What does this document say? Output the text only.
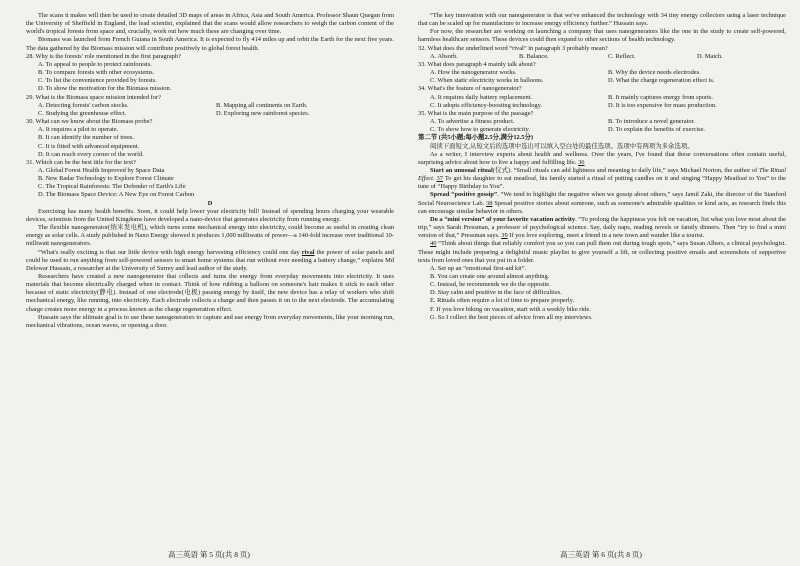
The scans it makes will then be used to create detailed 3D maps of areas in Africa, Asia and South America. Professor Shaun Quegan from the University of Sheffield in England, the lead scientist, explained that the scans would allow researchers to weigh the carbon content of the world's tropical forests from space and, crucially, work out how much these are changing over time.

Biomass was launched from French Guiana in South America. It is expected to fly 414 miles up and orbit the Earth for the next five years. The data gathered by the Biomass mission will contribute positively to global forest health.

28. Why is the forests' role mentioned in the first paragraph?

A. To appeal to people to protect rainforests.

B. To compare forests with other ecosystems.

C. To list the convenience provided by forests.

D. To show the motivation for the Biomass mission.

29. What is the Biomass space mission intended for?

A. Detecting forests' carbon stocks.	B. Mapping all continents on Earth.
C. Studying the greenhouse effect.	D. Exploring new rainforest species.

30. What can we know about the Biomass probe?

A. It requires a pilot to operate.

B. It can identify the number of trees.

C. It is fitted with advanced equipment.

D. It can reach every corner of the world.

31. Which can be the best title for the text?

A. Global Forest Health Improved by Space Data

B. New Radar Technology to Explore Forest Climate

C. The Tropical Rainforests: The Defender of Earth's Life

D. The Biomass Space Device: A New Eye on Forest Carbon

D

Exercising has many health benefits. Soon, it could help lower your electricity bill! Instead of spending hours charging your wearable devices, scientists from the United Kingdoms have developed a nano-device that generates electricity from running energy.

The flexible nanogenerator(纳米发电机), which turns some mechanical energy into electricity, could become as useful in creating clean energy as solar cells. A study published in Nano Energy showed it produces 1,000 milliwatts of power—a 140-fold increase over traditional 10-milliwatt nanogenerators.

“What's really exciting is that our little device with high energy harvesting efficiency could one day rival the power of solar panels and could be used to run anything from self-powered sensors to smart home systems that run without ever needing a battery change,” explains Md Delowar Hussain, a researcher at the University of Surrey and lead author of the study.

Researchers have created a new nanogenerator that collects and turns the energy from everyday movements into electricity. It uses materials that become electrically charged when in contact. Think of how rubbing a balloon on someone's hair makes it stick to each other because of static electricity(静电). Instead of one electrode(电极) passing energy by itself, the new device has a relay of workers who shift mechanical energy, like running, into electricity. Each electrode collects a charge and then passes it on to the next electrode. The accumulating charge creates more energy in a process known as the charge regeneration effect.

Hussain says the ultimate goal is to use these nanogenerators to capture and use energy from everyday movements, like your morning run, mechanical vibrations, ocean waves, or opening a door.

“The key innovation with our nanogenerator is that we've enhanced the technology with 34 tiny energy collectors using a laser technique that can be scaled up for manufacture to increase energy efficiency further.” Hussain says.

For now, the researcher are working on launching a company that uses nanogenerators like the one in the study to create self-powered, harmless healthcare sensors. These devices could then expand to other sections of health technology.

32. What does the underlined word “rival” in paragraph 3 probably mean?

A. Absorb.	B. Balance.	C. Reflect.	D. Match.

33. What does paragraph 4 mainly talk about?

A. How the nanogenerator works.	B. Why the device needs electrodes.
C. When static electricity works in balloons.	D. What the charge regeneration effect is.

34. What's the feature of nanogenerator?

A. It requires daily battery replacement.	B. It mainly captures energy from sports.
C. It adopts efficiency-boosting technology.	D. It is too expensive for mass production.

35. What is the main purpose of the passage?

A. To advertise a fitness product.	B. To introduce a novel generator.
C. To show how to generate electricity.	D. To explain the benefits of exercise.

第二节 (共5小题;每小题2.5分,满分12.5分)

阅读下面短文,从短文后的选项中选出可以填入空白处的最佳选项。选项中有两项为多余选项。

As a writer, I interview experts about health and wellness. Over the years, I've found that these conversations often contain useful, surprising advice about how to live a happy and fulfilling life. 36

Start an unusual ritual(仪式). “Small rituals can add lightness and meaning to daily life,” says Michael Norton, the author of The Ritual Effect. 37 To get his daughter to eat meatloaf, his family started a ritual of putting candles on it and singing “Happy Meatloaf to You” to the tune of “Happy Birthday to You”.

Spread “positive gossip”. “We tend to highlight the negative when we gossip about others,” says Jamil Zaki, the director of the Stanford Social Neuroscience Lab. 38 Spread positive stories about someone, such as someone's admirable qualities or kind acts, as research finds this can encourage similar behavior in others.

Do a “mini version” of your favorite vacation activity. “To prolong the happiness you felt on vacation, list what you love most about the trip,” says Sarah Pressman, a professor of psychological science. Say, daily naps, reading novels or family dinners. Then “try to find a mini version of that,” Pressman says. 39 If you love exploring, meet a friend in a new town and wander like a tourist.

40 “Think about things that reliably comfort you so you can pull them out during tough spots,” says Susan Albers, a clinical psychologist. These might include preparing a delightful music playlist to give yourself a lift, or collecting positive emails and screenshots of supportive texts from loved ones that you put in a folder.

A. Set up an “emotional first-aid kit”.

B. You can create one around almost anything.

C. Instead, he recommends we do the opposite.

D. Stay calm and positive in the face of difficulties.

E. Rituals often require a lot of time to prepare properly.

F. If you love biking on vacation, start with a weekly bike ride.

G. So I collect the best pieces of advice from all my interviews.

高三英语 第 5 页(共 8 页)	高三英语 第 6 页(共 8 页)
